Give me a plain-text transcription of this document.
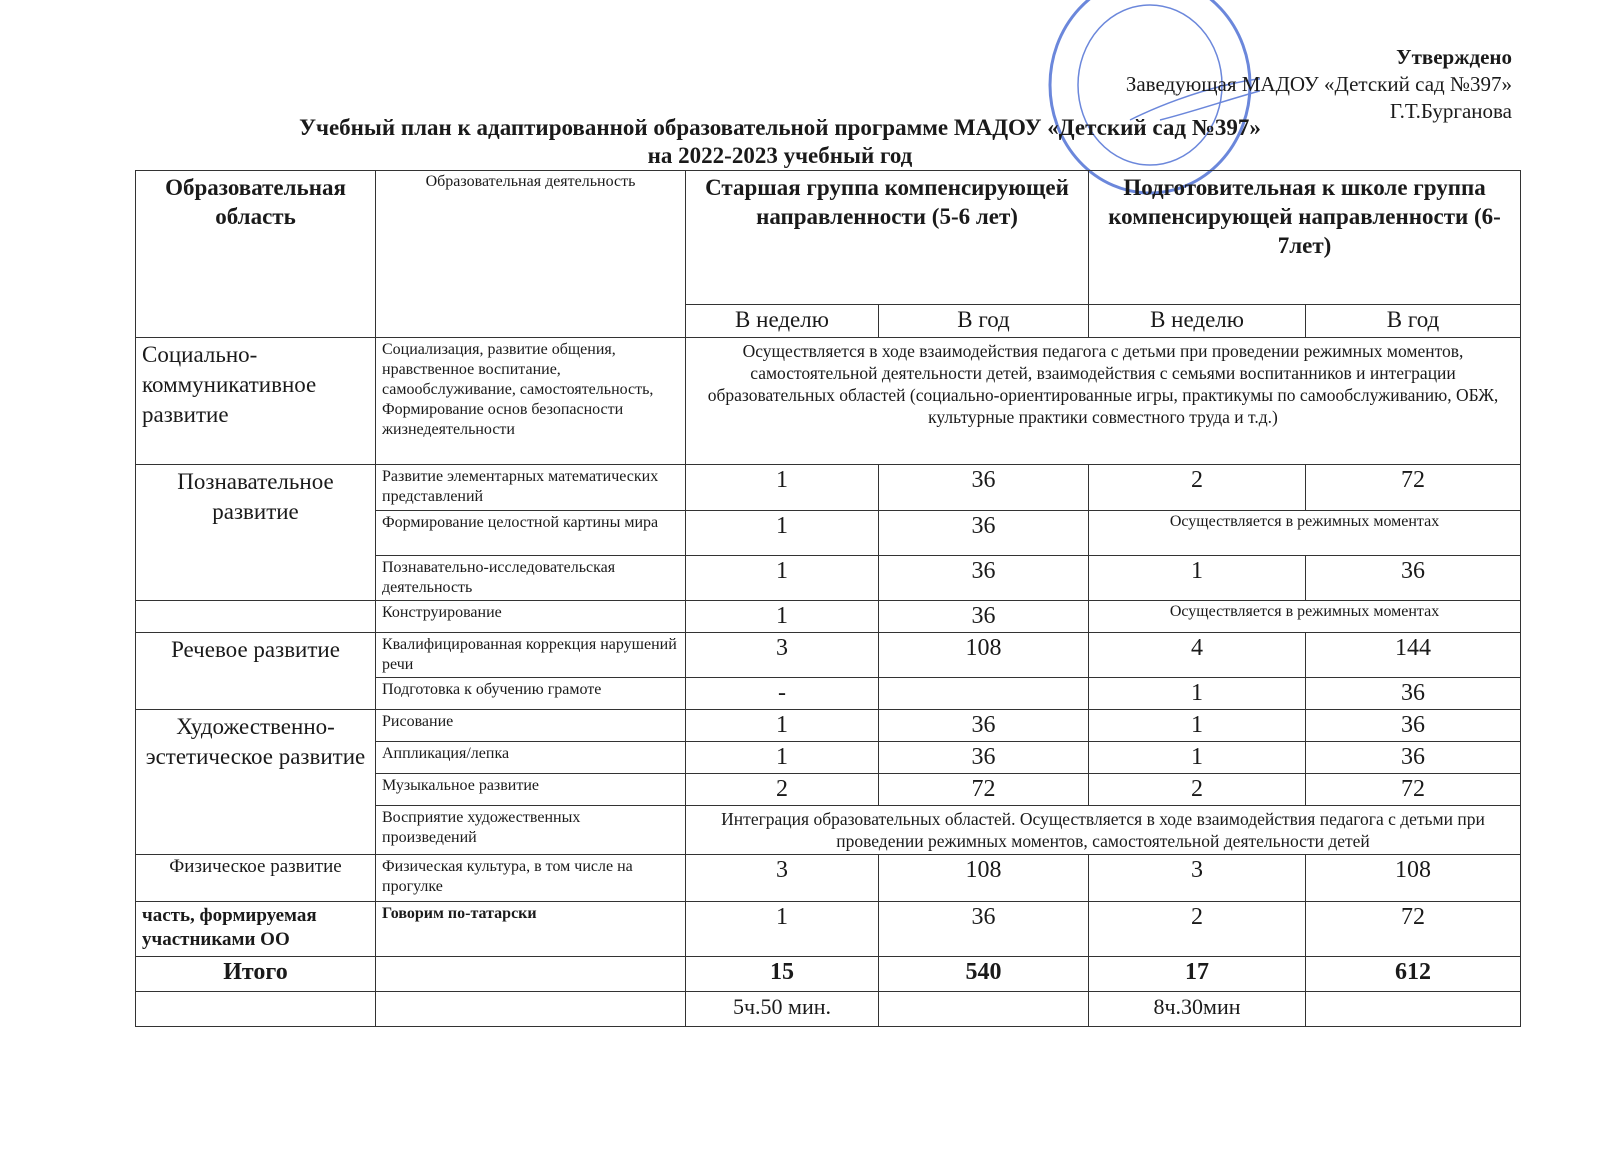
Утверждено
Заведующая МАДОУ «Детский сад №397»
Г.Т.Бурганова
Учебный план к адаптированной образовательной программе МАДОУ «Детский сад №397»
на 2022-2023 учебный год
Образовательная область	Образовательная деятельность	Старшая группа компенсирующей направленности (5-6 лет)		Подготовительная к школе группа компенсирующей направленности (6-7лет)	
		В неделю	В год	В неделю	В год
Социально-коммуникативное развитие	Социализация, развитие общения, нравственное воспитание, самообслуживание, самостоятельность, Формирование основ безопасности жизнедеятельности	Осуществляется в ходе взаимодействия педагога с детьми при проведении режимных моментов, самостоятельной деятельности детей, взаимодействия с семьями воспитанников и интеграции образовательных областей (социально-ориентированные игры, практикумы по самообслуживанию, ОБЖ, культурные практики совместного труда и т.д.)			
Познавательное развитие	Развитие элементарных математических представлений	1	36	2	72
	Формирование целостной картины мира	1	36	Осуществляется в режимных моментах	
	Познавательно-исследовательская деятельность	1	36	1	36
	Конструирование	1	36	Осуществляется в режимных моментах	
Речевое развитие	Квалифицированная коррекция нарушений речи	3	108	4	144
	Подготовка к обучению грамоте	-		1	36
Художественно-эстетическое развитие	Рисование	1	36	1	36
	Аппликация/лепка	1	36	1	36
	Музыкальное развитие	2	72	2	72
	Восприятие художественных произведений	Интеграция образовательных областей. Осуществляется в ходе взаимодействия педагога с детьми при проведении режимных моментов, самостоятельной деятельности детей			
Физическое развитие	Физическая культура, в том числе на прогулке	3	108	3	108
часть, формируемая участниками ОО	Говорим по-татарски	1	36	2	72
Итого		15	540	17	612
		5ч.50 мин.		8ч.30мин	
